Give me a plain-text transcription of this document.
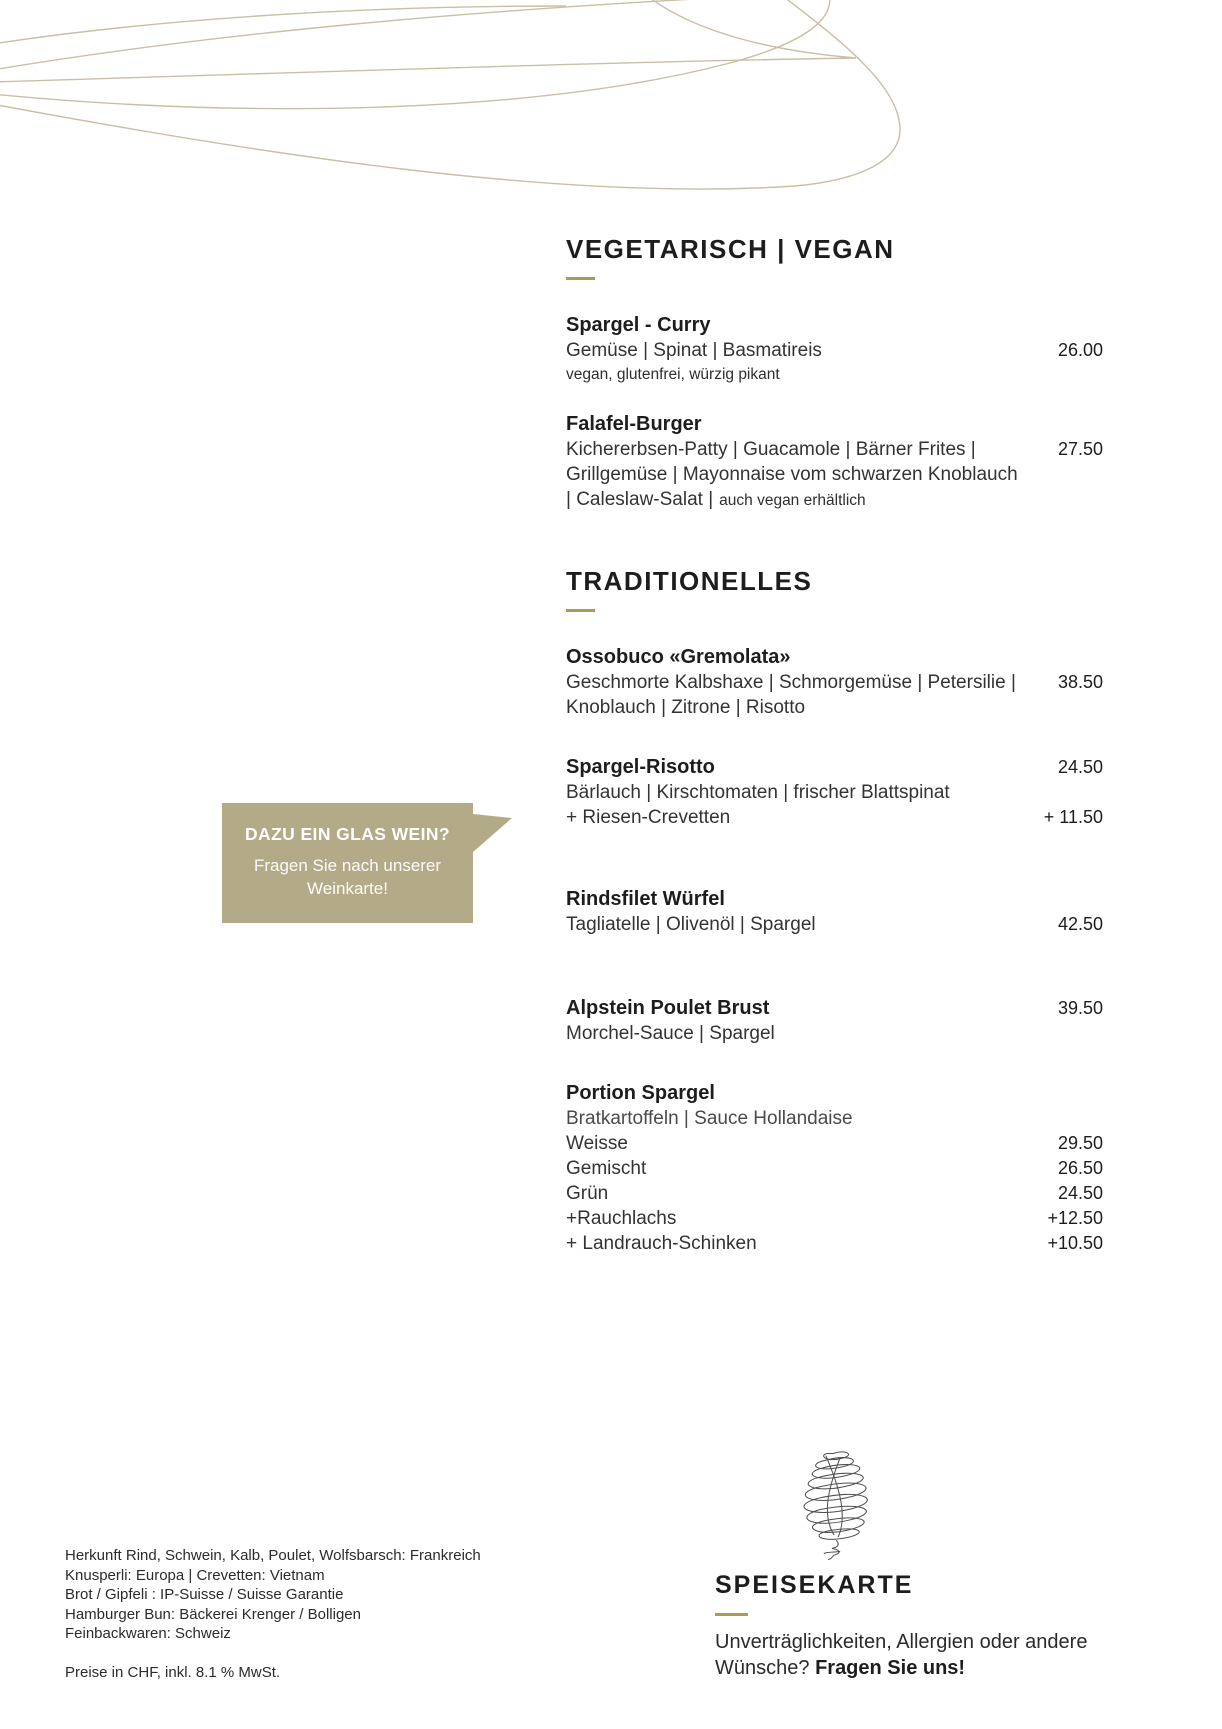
VEGETARISCH | VEGAN
Spargel - Curry
Gemüse | Spinat | Basmatireis	26.00
vegan, glutenfrei, würzig pikant
Falafel-Burger
Kichererbsen-Patty | Guacamole | Bärner Frites |	27.50
Grillgemüse | Mayonnaise vom schwarzen Knoblauch
| Caleslaw-Salat | auch vegan erhältlich
TRADITIONELLES
Ossobuco «Gremolata»
Geschmorte Kalbshaxe | Schmorgemüse | Petersilie | 38.50
Knoblauch | Zitrone | Risotto
Spargel-Risotto	24.50
Bärlauch | Kirschtomaten | frischer Blattspinat
+ Riesen-Crevetten	+ 11.50
Rindsfilet Würfel
Tagliatelle | Olivenöl | Spargel	42.50
Alpstein Poulet Brust	39.50
Morchel-Sauce | Spargel
Portion Spargel
Bratkartoffeln | Sauce Hollandaise
Weisse	29.50
Gemischt	26.50
Grün	24.50
+Rauchlachs	+12.50
+ Landrauch-Schinken	+10.50
DAZU EIN GLAS WEIN?
Fragen Sie nach unserer
Weinkarte!
Herkunft Rind, Schwein, Kalb, Poulet, Wolfsbarsch: Frankreich
Knusperli: Europa | Crevetten: Vietnam
Brot / Gipfeli : IP-Suisse / Suisse Garantie
Hamburger Bun: Bäckerei Krenger / Bolligen
Feinbackwaren: Schweiz
Preise in CHF, inkl. 8.1 % MwSt.
SPEISEKARTE
Unverträglichkeiten, Allergien oder andere
Wünsche? Fragen Sie uns!
